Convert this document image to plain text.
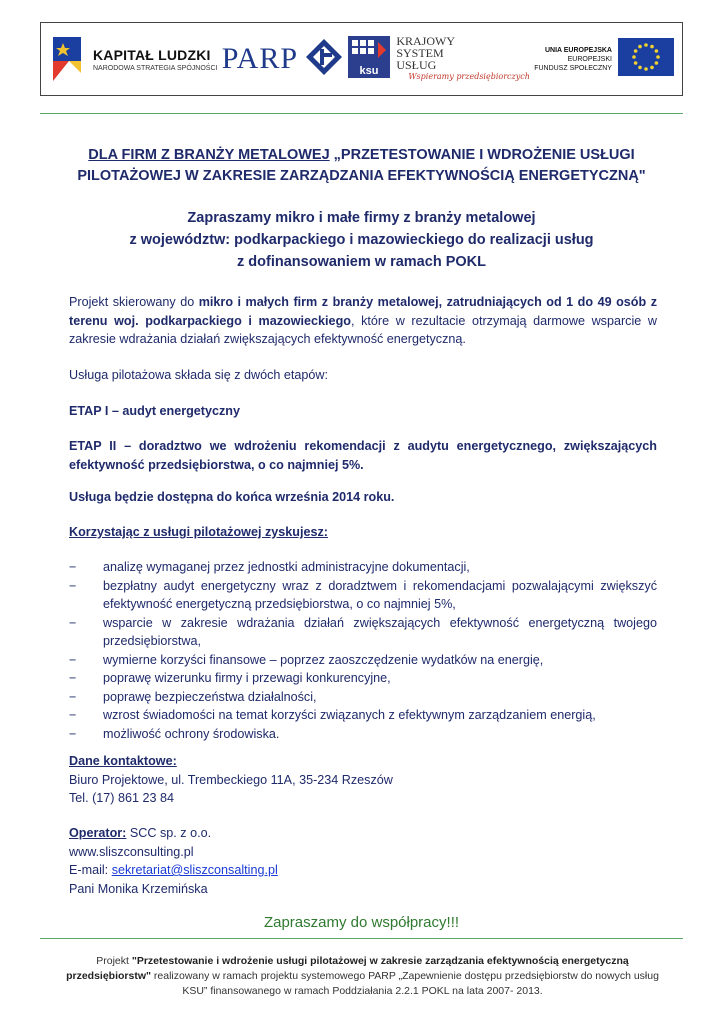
KAPITAŁ LUDZKI
NARODOWA STRATEGIA SPÓJNOŚCI PARP	ksu
KRAJOWY
SYSTEM
USŁUG
Wspieramy przedsiębiorczych
UNIA EUROPEJSKA
EUROPEJSKI
FUNDUSZ SPOŁECZNY
DLA FIRM Z BRANŻY METALOWEJ „PRZETESTOWANIE I WDROŻENIE USŁUGI
PILOTAŻOWEJ W ZAKRESIE ZARZĄDZANIA EFEKTYWNOŚCIĄ ENERGETYCZNĄ"
Zapraszamy mikro i małe firmy z branży metalowej
z województw: podkarpackiego i mazowieckiego do realizacji usług
z dofinansowaniem w ramach POKL
Projekt skierowany do mikro i małych firm z branży metalowej, zatrudniających od 1 do 49 osób z terenu woj. podkarpackiego i mazowieckiego, które w rezultacie otrzymają darmowe wsparcie w zakresie wdrażania działań zwiększających efektywność energetyczną.
Usługa pilotażowa składa się z dwóch etapów:
ETAP I – audyt energetyczny
ETAP II – doradztwo we wdrożeniu rekomendacji z audytu energetycznego, zwiększających efektywność przedsiębiorstwa, o co najmniej 5%.
Usługa będzie dostępna do końca września 2014 roku.
Korzystając z usługi pilotażowej zyskujesz:
− analizę wymaganej przez jednostki administracyjne dokumentacji,
− bezpłatny audyt energetyczny wraz z doradztwem i rekomendacjami pozwalającymi zwiększyć efektywność energetyczną przedsiębiorstwa, o co najmniej 5%,
− wsparcie w zakresie wdrażania działań zwiększających efektywność energetyczną twojego przedsiębiorstwa,
− wymierne korzyści finansowe – poprzez zaoszczędzenie wydatków na energię,
− poprawę wizerunku firmy i przewagi konkurencyjne,
− poprawę bezpieczeństwa działalności,
− wzrost świadomości na temat korzyści związanych z efektywnym zarządzaniem energią,
− możliwość ochrony środowiska.
Dane kontaktowe:
Biuro Projektowe, ul. Trembeckiego 11A, 35-234 Rzeszów
Tel. (17) 861 23 84
Operator: SCC sp. z o.o.
www.sliszconsulting.pl
E-mail: sekretariat@sliszconsalting.pl
Pani Monika Krzemińska
Zapraszamy do współpracy!!!
Projekt "Przetestowanie i wdrożenie usługi pilotażowej w zakresie zarządzania efektywnością energetyczną przedsiębiorstw" realizowany w ramach projektu systemowego PARP „Zapewnienie dostępu przedsiębiorstw do nowych usług KSU” finansowanego w ramach Poddziałania 2.2.1 POKL na lata 2007- 2013.
